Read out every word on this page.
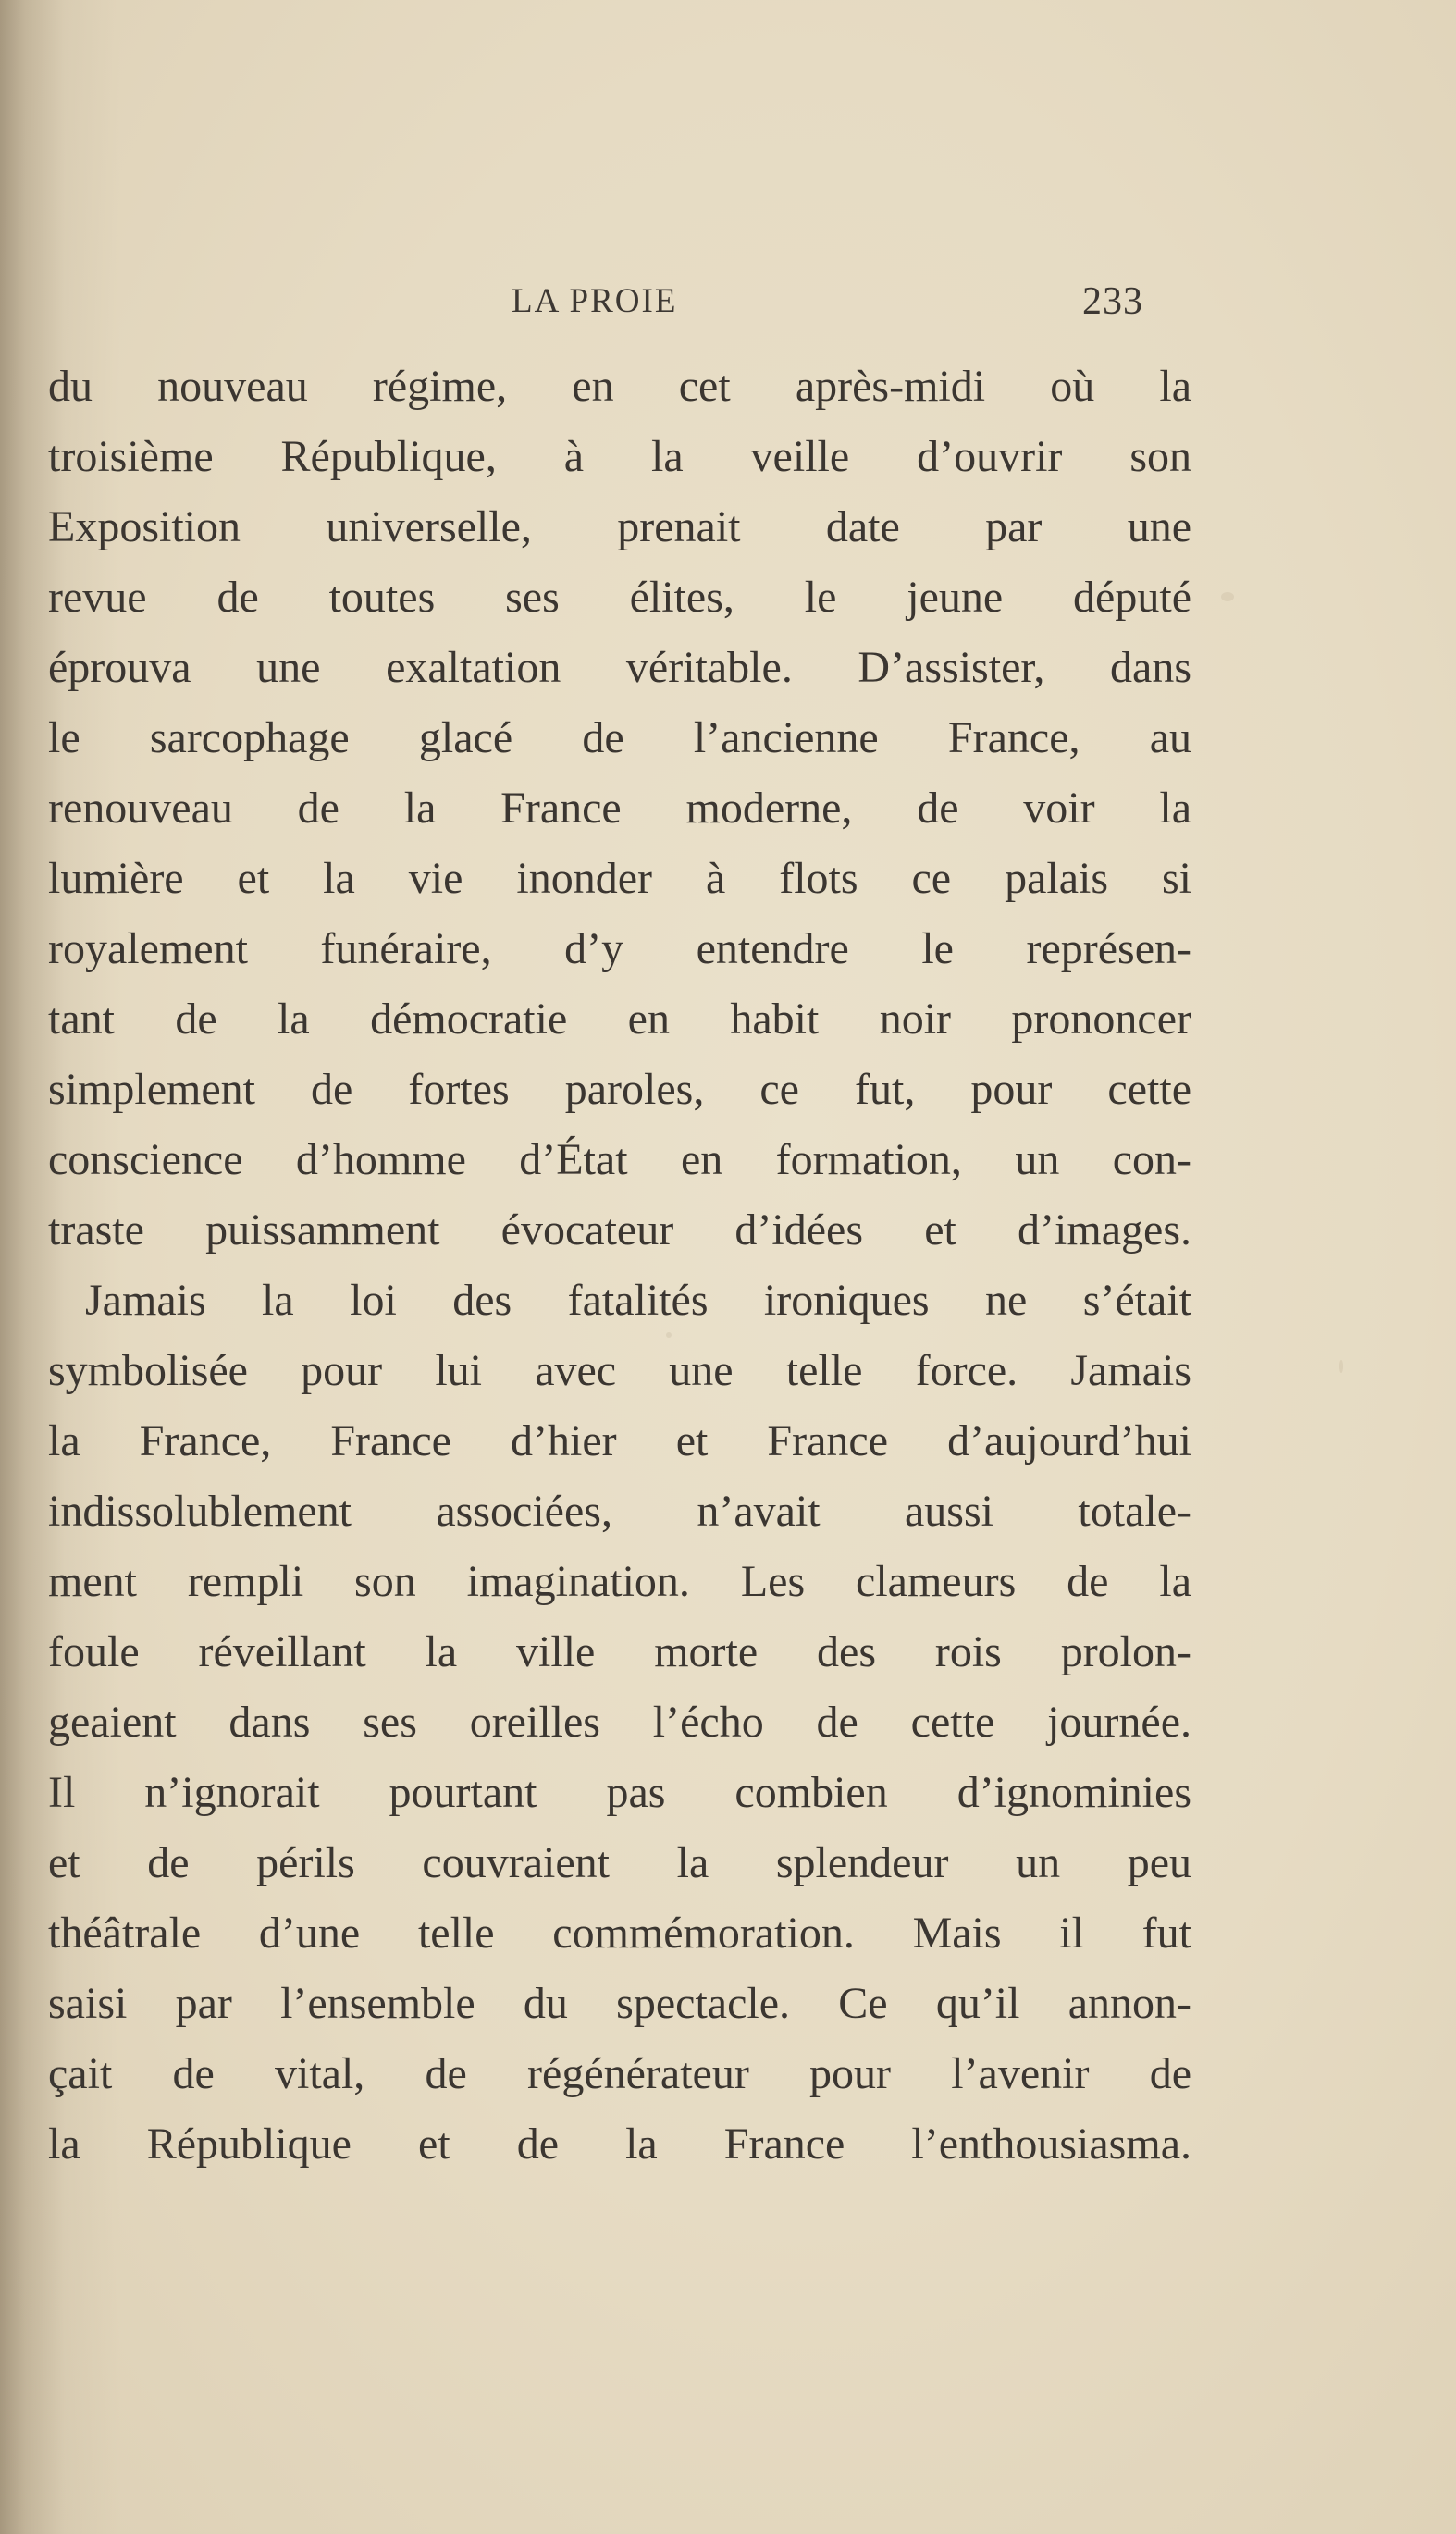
LA PROIE	233
du nouveau régime, en cet après-midi où la
troisième République, à la veille d’ouvrir son
Exposition universelle, prenait date par une
revue de toutes ses élites, le jeune député
éprouva une exaltation véritable. D’assister, dans
le sarcophage glacé de l’ancienne France, au
renouveau de la France moderne, de voir la
lumière et la vie inonder à flots ce palais si
royalement funéraire, d’y entendre le représen-
tant de la démocratie en habit noir prononcer
simplement de fortes paroles, ce fut, pour cette
conscience d’homme d’État en formation, un con-
traste puissamment évocateur d’idées et d’images.
Jamais la loi des fatalités ironiques ne s’était
symbolisée pour lui avec une telle force. Jamais
la France, France d’hier et France d’aujourd’hui
indissolublement associées, n’avait aussi totale-
ment rempli son imagination. Les clameurs de la
foule réveillant la ville morte des rois prolon-
geaient dans ses oreilles l’écho de cette journée.
Il n’ignorait pourtant pas combien d’ignominies
et de périls couvraient la splendeur un peu
théâtrale d’une telle commémoration. Mais il fut
saisi par l’ensemble du spectacle. Ce qu’il annon-
çait de vital, de régénérateur pour l’avenir de
la République et de la France l’enthousiasma.
